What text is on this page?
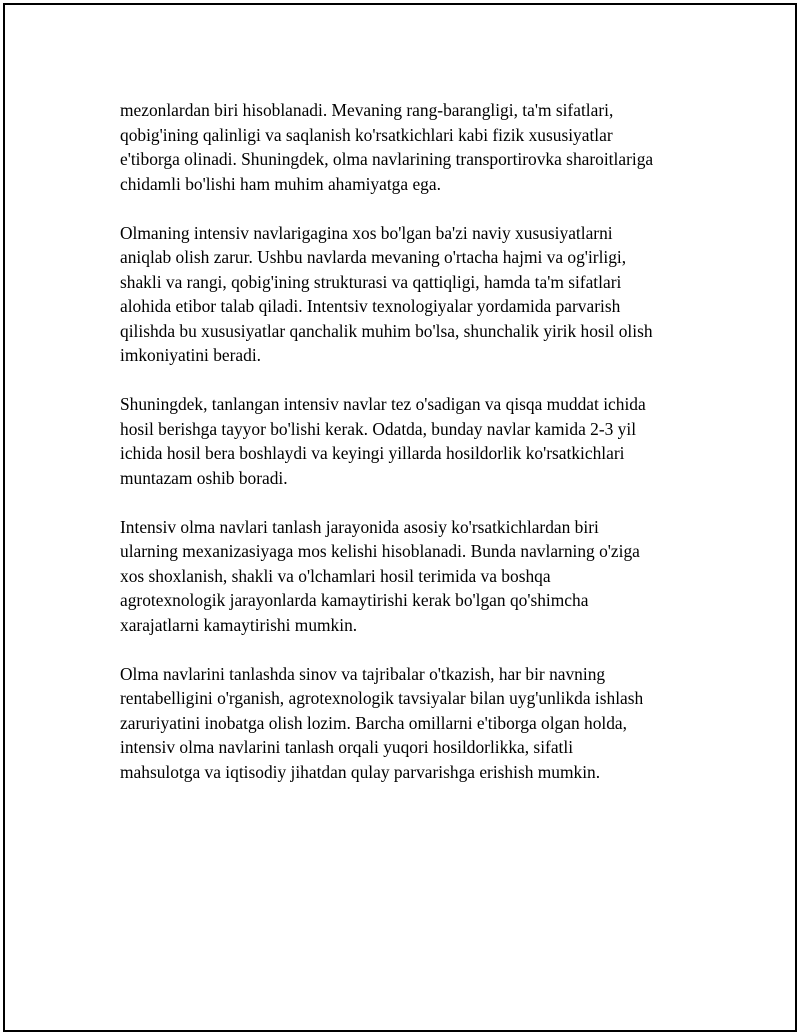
mezonlardan biri hisoblanadi. Mevaning rang-barangligi, ta'm sifatlari,
qobig'ining qalinligi va saqlanish ko'rsatkichlari kabi fizik xususiyatlar
e'tiborga olinadi. Shuningdek, olma navlarining transportirovka sharoitlariga
chidamli bo'lishi ham muhim ahamiyatga ega.

Olmaning intensiv navlarigagina xos bo'lgan ba'zi naviy xususiyatlarni
aniqlab olish zarur. Ushbu navlarda mevaning o'rtacha hajmi va og'irligi,
shakli va rangi, qobig'ining strukturasi va qattiqligi, hamda ta'm sifatlari
alohida etibor talab qiladi. Intentsiv texnologiyalar yordamida parvarish
qilishda bu xususiyatlar qanchalik muhim bo'lsa, shunchalik yirik hosil olish
imkoniyatini beradi.

Shuningdek, tanlangan intensiv navlar tez o'sadigan va qisqa muddat ichida
hosil berishga tayyor bo'lishi kerak. Odatda, bunday navlar kamida 2-3 yil
ichida hosil bera boshlaydi va keyingi yillarda hosildorlik ko'rsatkichlari
muntazam oshib boradi.

Intensiv olma navlari tanlash jarayonida asosiy ko'rsatkichlardan biri
ularning mexanizasiyaga mos kelishi hisoblanadi. Bunda navlarning o'ziga
xos shoxlanish, shakli va o'lchamlari hosil terimida va boshqa
agrotexnologik jarayonlarda kamaytirishi kerak bo'lgan qo'shimcha
xarajatlarni kamaytirishi mumkin.

Olma navlarini tanlashda sinov va tajribalar o'tkazish, har bir navning
rentabelligini o'rganish, agrotexnologik tavsiyalar bilan uyg'unlikda ishlash
zaruriyatini inobatga olish lozim. Barcha omillarni e'tiborga olgan holda,
intensiv olma navlarini tanlash orqali yuqori hosildorlikka, sifatli
mahsulotga va iqtisodiy jihatdan qulay parvarishga erishish mumkin.
